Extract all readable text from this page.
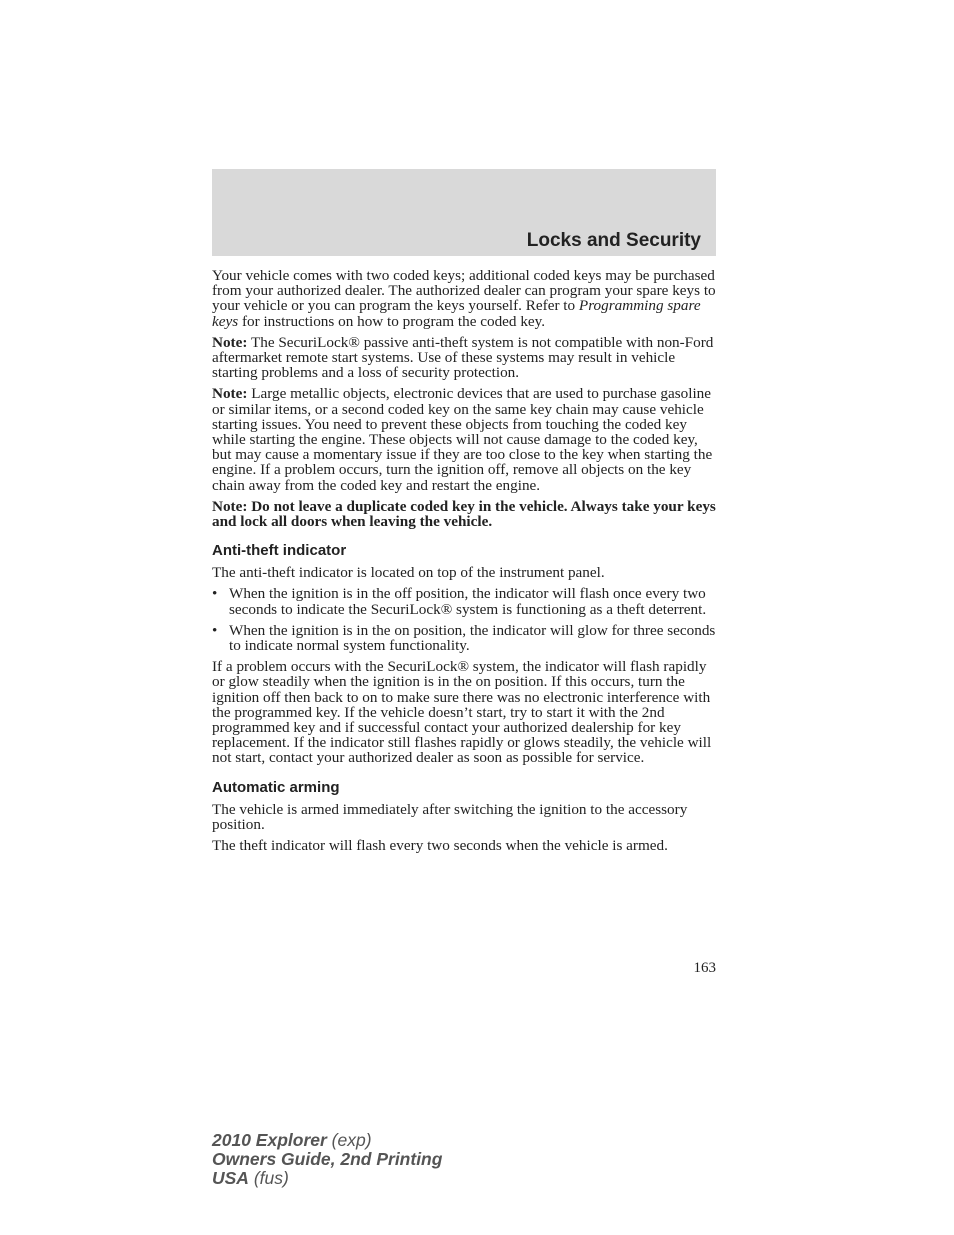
Locks and Security

Your vehicle comes with two coded keys; additional coded keys may be purchased from your authorized dealer. The authorized dealer can program your spare keys to your vehicle or you can program the keys yourself. Refer to Programming spare keys for instructions on how to program the coded key.

Note: The SecuriLock® passive anti-theft system is not compatible with non-Ford aftermarket remote start systems. Use of these systems may result in vehicle starting problems and a loss of security protection.

Note: Large metallic objects, electronic devices that are used to purchase gasoline or similar items, or a second coded key on the same key chain may cause vehicle starting issues. You need to prevent these objects from touching the coded key while starting the engine. These objects will not cause damage to the coded key, but may cause a momentary issue if they are too close to the key when starting the engine. If a problem occurs, turn the ignition off, remove all objects on the key chain away from the coded key and restart the engine.

Note: Do not leave a duplicate coded key in the vehicle. Always take your keys and lock all doors when leaving the vehicle.

Anti-theft indicator

The anti-theft indicator is located on top of the instrument panel.

• When the ignition is in the off position, the indicator will flash once every two seconds to indicate the SecuriLock® system is functioning as a theft deterrent.
• When the ignition is in the on position, the indicator will glow for three seconds to indicate normal system functionality.

If a problem occurs with the SecuriLock® system, the indicator will flash rapidly or glow steadily when the ignition is in the on position. If this occurs, turn the ignition off then back to on to make sure there was no electronic interference with the programmed key. If the vehicle doesn’t start, try to start it with the 2nd programmed key and if successful contact your authorized dealership for key replacement. If the indicator still flashes rapidly or glows steadily, the vehicle will not start, contact your authorized dealer as soon as possible for service.

Automatic arming

The vehicle is armed immediately after switching the ignition to the accessory position.

The theft indicator will flash every two seconds when the vehicle is armed.

163
2010 Explorer (exp)
Owners Guide, 2nd Printing
USA (fus)
